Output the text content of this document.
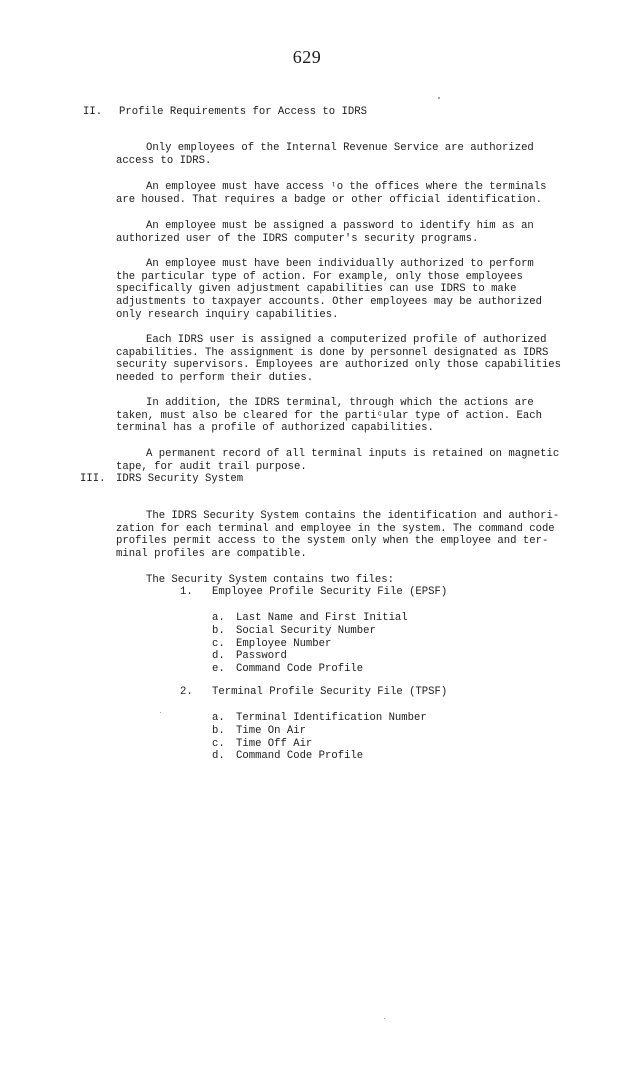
629
II. Profile Requirements for Access to IDRS

Only employees of the Internal Revenue Service are authorized
access to IDRS.

An employee must have access ᵗo the offices where the terminals
are housed. That requires a badge or other official identification.

An employee must be assigned a password to identify him as an
authorized user of the IDRS computer's security programs.

An employee must have been individually authorized to perform
the particular type of action. For example, only those employees
specifically given adjustment capabilities can use IDRS to make
adjustments to taxpayer accounts. Other employees may be authorized
only research inquiry capabilities.

Each IDRS user is assigned a computerized profile of authorized
capabilities. The assignment is done by personnel designated as IDRS
security supervisors. Employees are authorized only those capabilities
needed to perform their duties.

In addition, the IDRS terminal, through which the actions are
taken, must also be cleared for the partiᶜular type of action. Each
terminal has a profile of authorized capabilities.

A permanent record of all terminal inputs is retained on magnetic
tape, for audit trail purpose.

III. IDRS Security System

The IDRS Security System contains the identification and authori-
zation for each terminal and employee in the system. The command code
profiles permit access to the system only when the employee and ter-
minal profiles are compatible.

The Security System contains two files:

1. Employee Profile Security File (EPSF)
a. Last Name and First Initial
b. Social Security Number
c. Employee Number
d. Password
e. Command Code Profile
2. Terminal Profile Security File (TPSF)
a. Terminal Identification Number
b. Time On Air
c. Time Off Air
d. Command Code Profile
